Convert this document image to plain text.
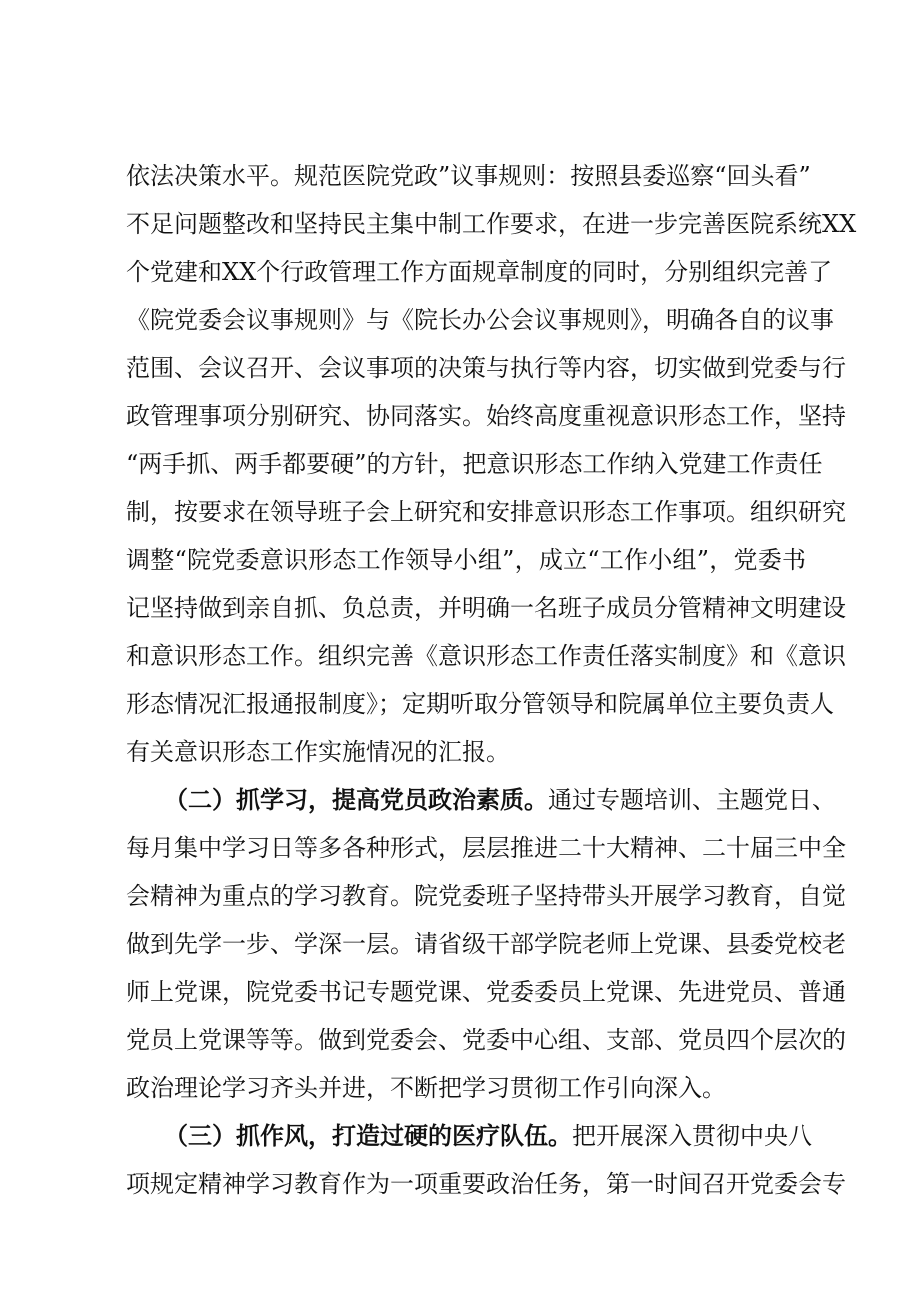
依法决策水平。规范医院党政”议事规则：按照县委巡察“回头看”
不足问题整改和坚持民主集中制工作要求，在进一步完善医院系统XX
个党建和XX个行政管理工作方面规章制度的同时，分别组织完善了
《院党委会议事规则》与《院长办公会议事规则》，明确各自的议事
范围、会议召开、会议事项的决策与执行等内容，切实做到党委与行
政管理事项分别研究、协同落实。始终高度重视意识形态工作，坚持
“两手抓、两手都要硬”的方针，把意识形态工作纳入党建工作责任
制，按要求在领导班子会上研究和安排意识形态工作事项。组织研究
调整“院党委意识形态工作领导小组”，成立“工作小组”，党委书
记坚持做到亲自抓、负总责，并明确一名班子成员分管精神文明建设
和意识形态工作。组织完善《意识形态工作责任落实制度》和《意识
形态情况汇报通报制度》；定期听取分管领导和院属单位主要负责人
有关意识形态工作实施情况的汇报。
（二）抓学习，提高党员政治素质。通过专题培训、主题党日、
每月集中学习日等多各种形式，层层推进二十大精神、二十届三中全
会精神为重点的学习教育。院党委班子坚持带头开展学习教育，自觉
做到先学一步、学深一层。请省级干部学院老师上党课、县委党校老
师上党课，院党委书记专题党课、党委委员上党课、先进党员、普通
党员上党课等等。做到党委会、党委中心组、支部、党员四个层次的
政治理论学习齐头并进，不断把学习贯彻工作引向深入。
（三）抓作风，打造过硬的医疗队伍。把开展深入贯彻中央八
项规定精神学习教育作为一项重要政治任务，第一时间召开党委会专
